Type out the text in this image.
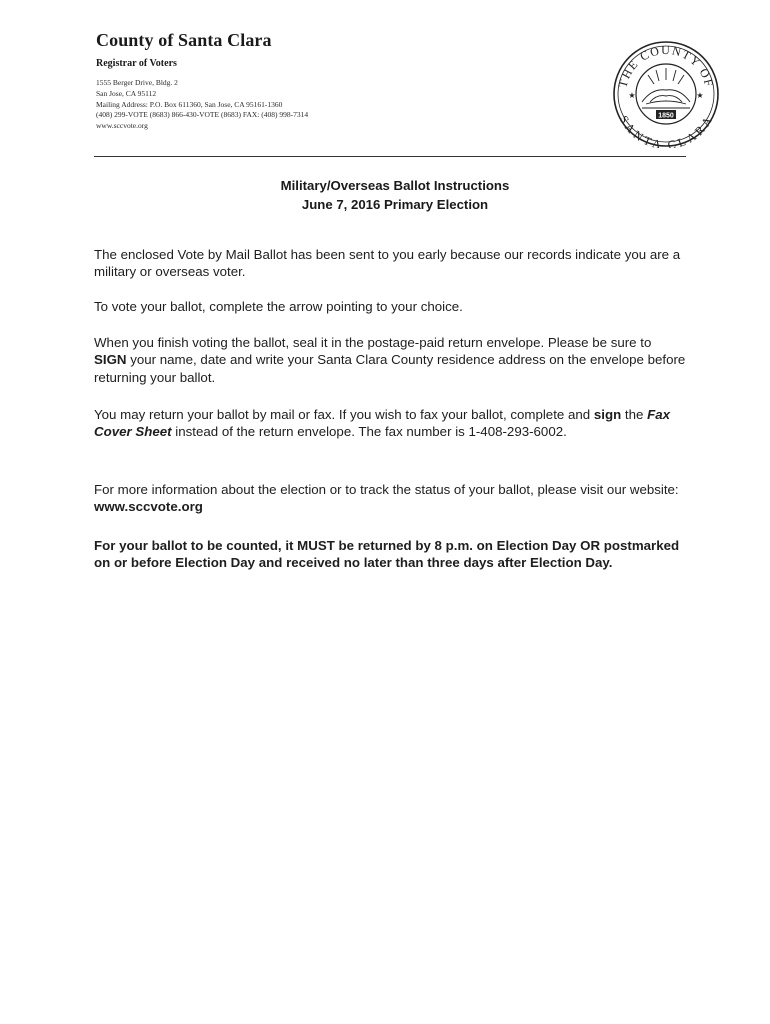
County of Santa Clara
Registrar of Voters
1555 Berger Drive, Bldg. 2
San Jose, CA 95112
Mailing Address: P.O. Box 611360, San Jose, CA 95161-1360
(408) 299-VOTE (8683) 866-430-VOTE (8683) FAX: (408) 998-7314
www.sccvote.org
THE COUNTY OF
SANTA CLARA
★	★
1850
Military/Overseas Ballot Instructions
June 7, 2016 Primary Election

The enclosed Vote by Mail Ballot has been sent to you early because our records indicate you are a military or overseas voter.

To vote your ballot, complete the arrow pointing to your choice.

When you finish voting the ballot, seal it in the postage-paid return envelope. Please be sure to SIGN your name, date and write your Santa Clara County residence address on the envelope before returning your ballot.

You may return your ballot by mail or fax. If you wish to fax your ballot, complete and sign the Fax Cover Sheet instead of the return envelope. The fax number is 1-408-293-6002.

For more information about the election or to track the status of your ballot, please visit our website: www.sccvote.org

For your ballot to be counted, it MUST be returned by 8 p.m. on Election Day OR postmarked on or before Election Day and received no later than three days after Election Day.
